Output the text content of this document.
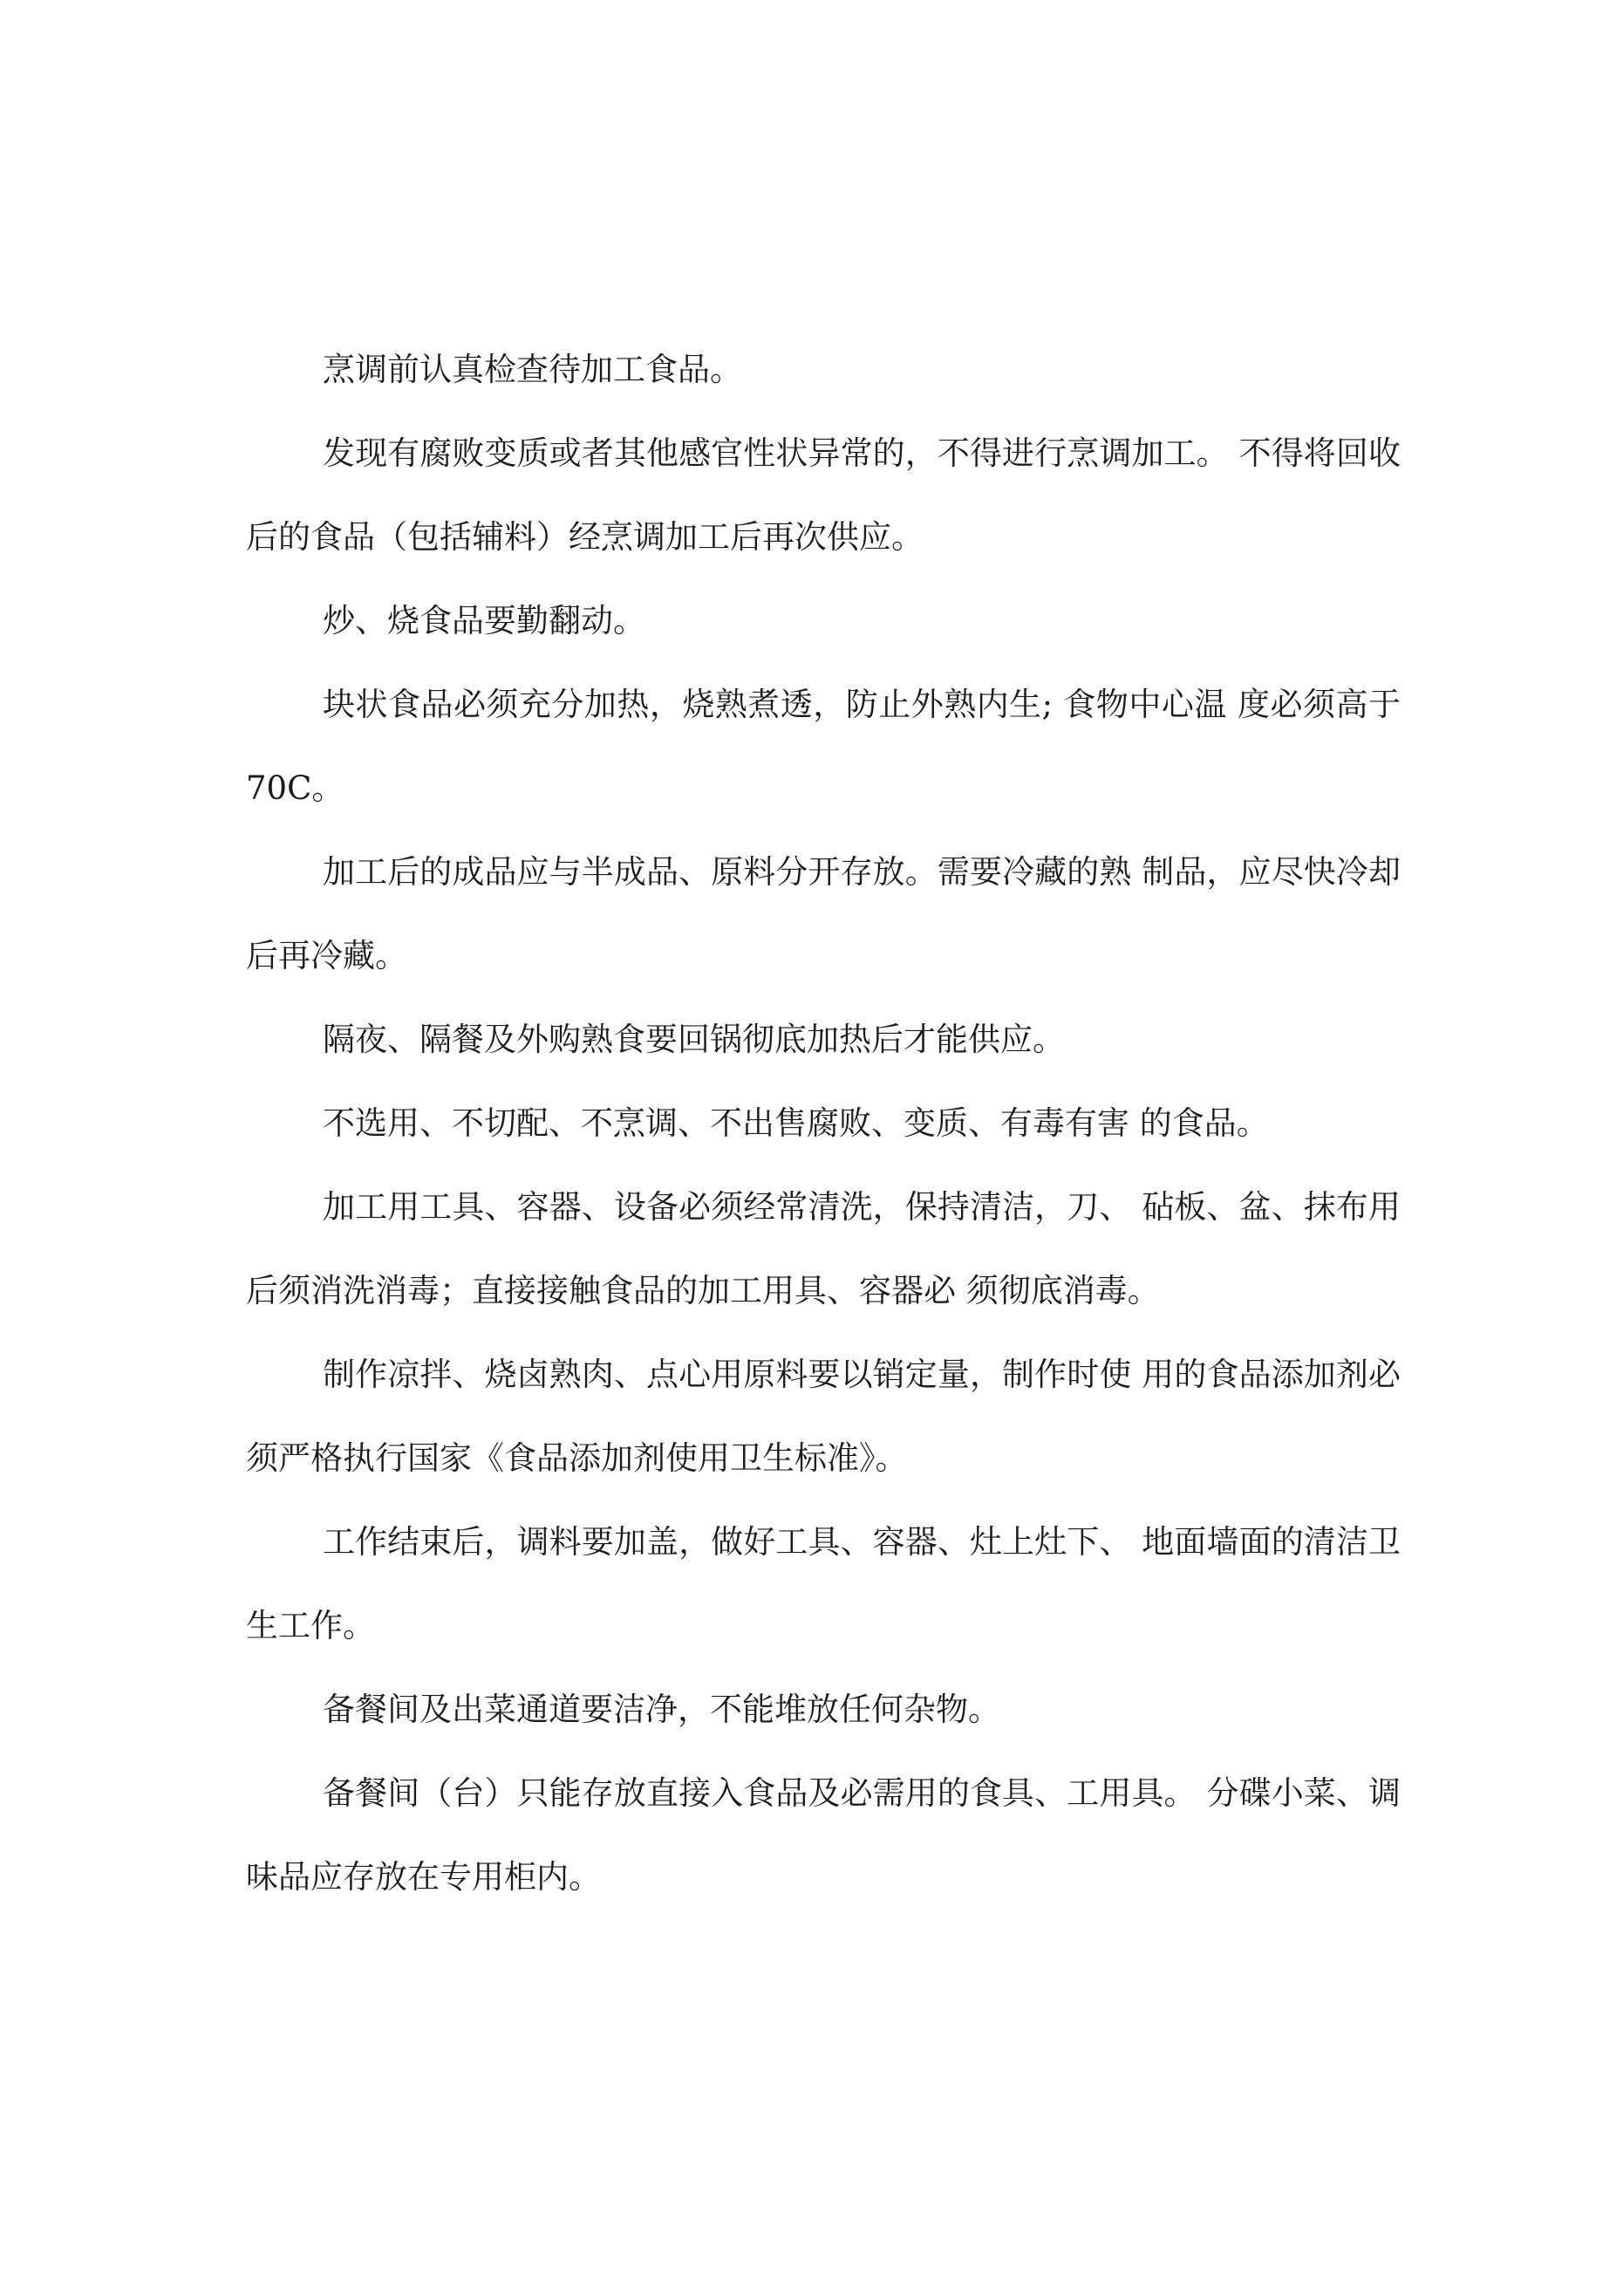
烹调前认真检查待加工食品。

发现有腐败变质或者其他感官性状异常的，不得进行烹调加工。 不得将回收后的食品（包括辅料）经烹调加工后再次供应。

炒、烧食品要勤翻动。

块状食品必须充分加热，烧熟煮透，防止外熟内生; 食物中心温 度必须高于 70C。

加工后的成品应与半成品、原料分开存放。需要冷藏的熟 制品，应尽快冷却后再冷藏。

隔夜、隔餐及外购熟食要回锅彻底加热后才能供应。

不选用、不切配、不烹调、不出售腐败、变质、有毒有害 的食品。

加工用工具、容器、设备必须经常清洗，保持清洁，刀、 砧板、盆、抹布用后须消洗消毒；直接接触食品的加工用具、容器必 须彻底消毒。

制作凉拌、烧卤熟肉、点心用原料要以销定量，制作时使 用的食品添加剂必须严格执行国家《食品添加剂使用卫生标准》。

工作结束后，调料要加盖，做好工具、容器、灶上灶下、 地面墙面的清洁卫生工作。

备餐间及出菜通道要洁净，不能堆放任何杂物。

备餐间（台）只能存放直接入食品及必需用的食具、工用具。 分碟小菜、调味品应存放在专用柜内。
